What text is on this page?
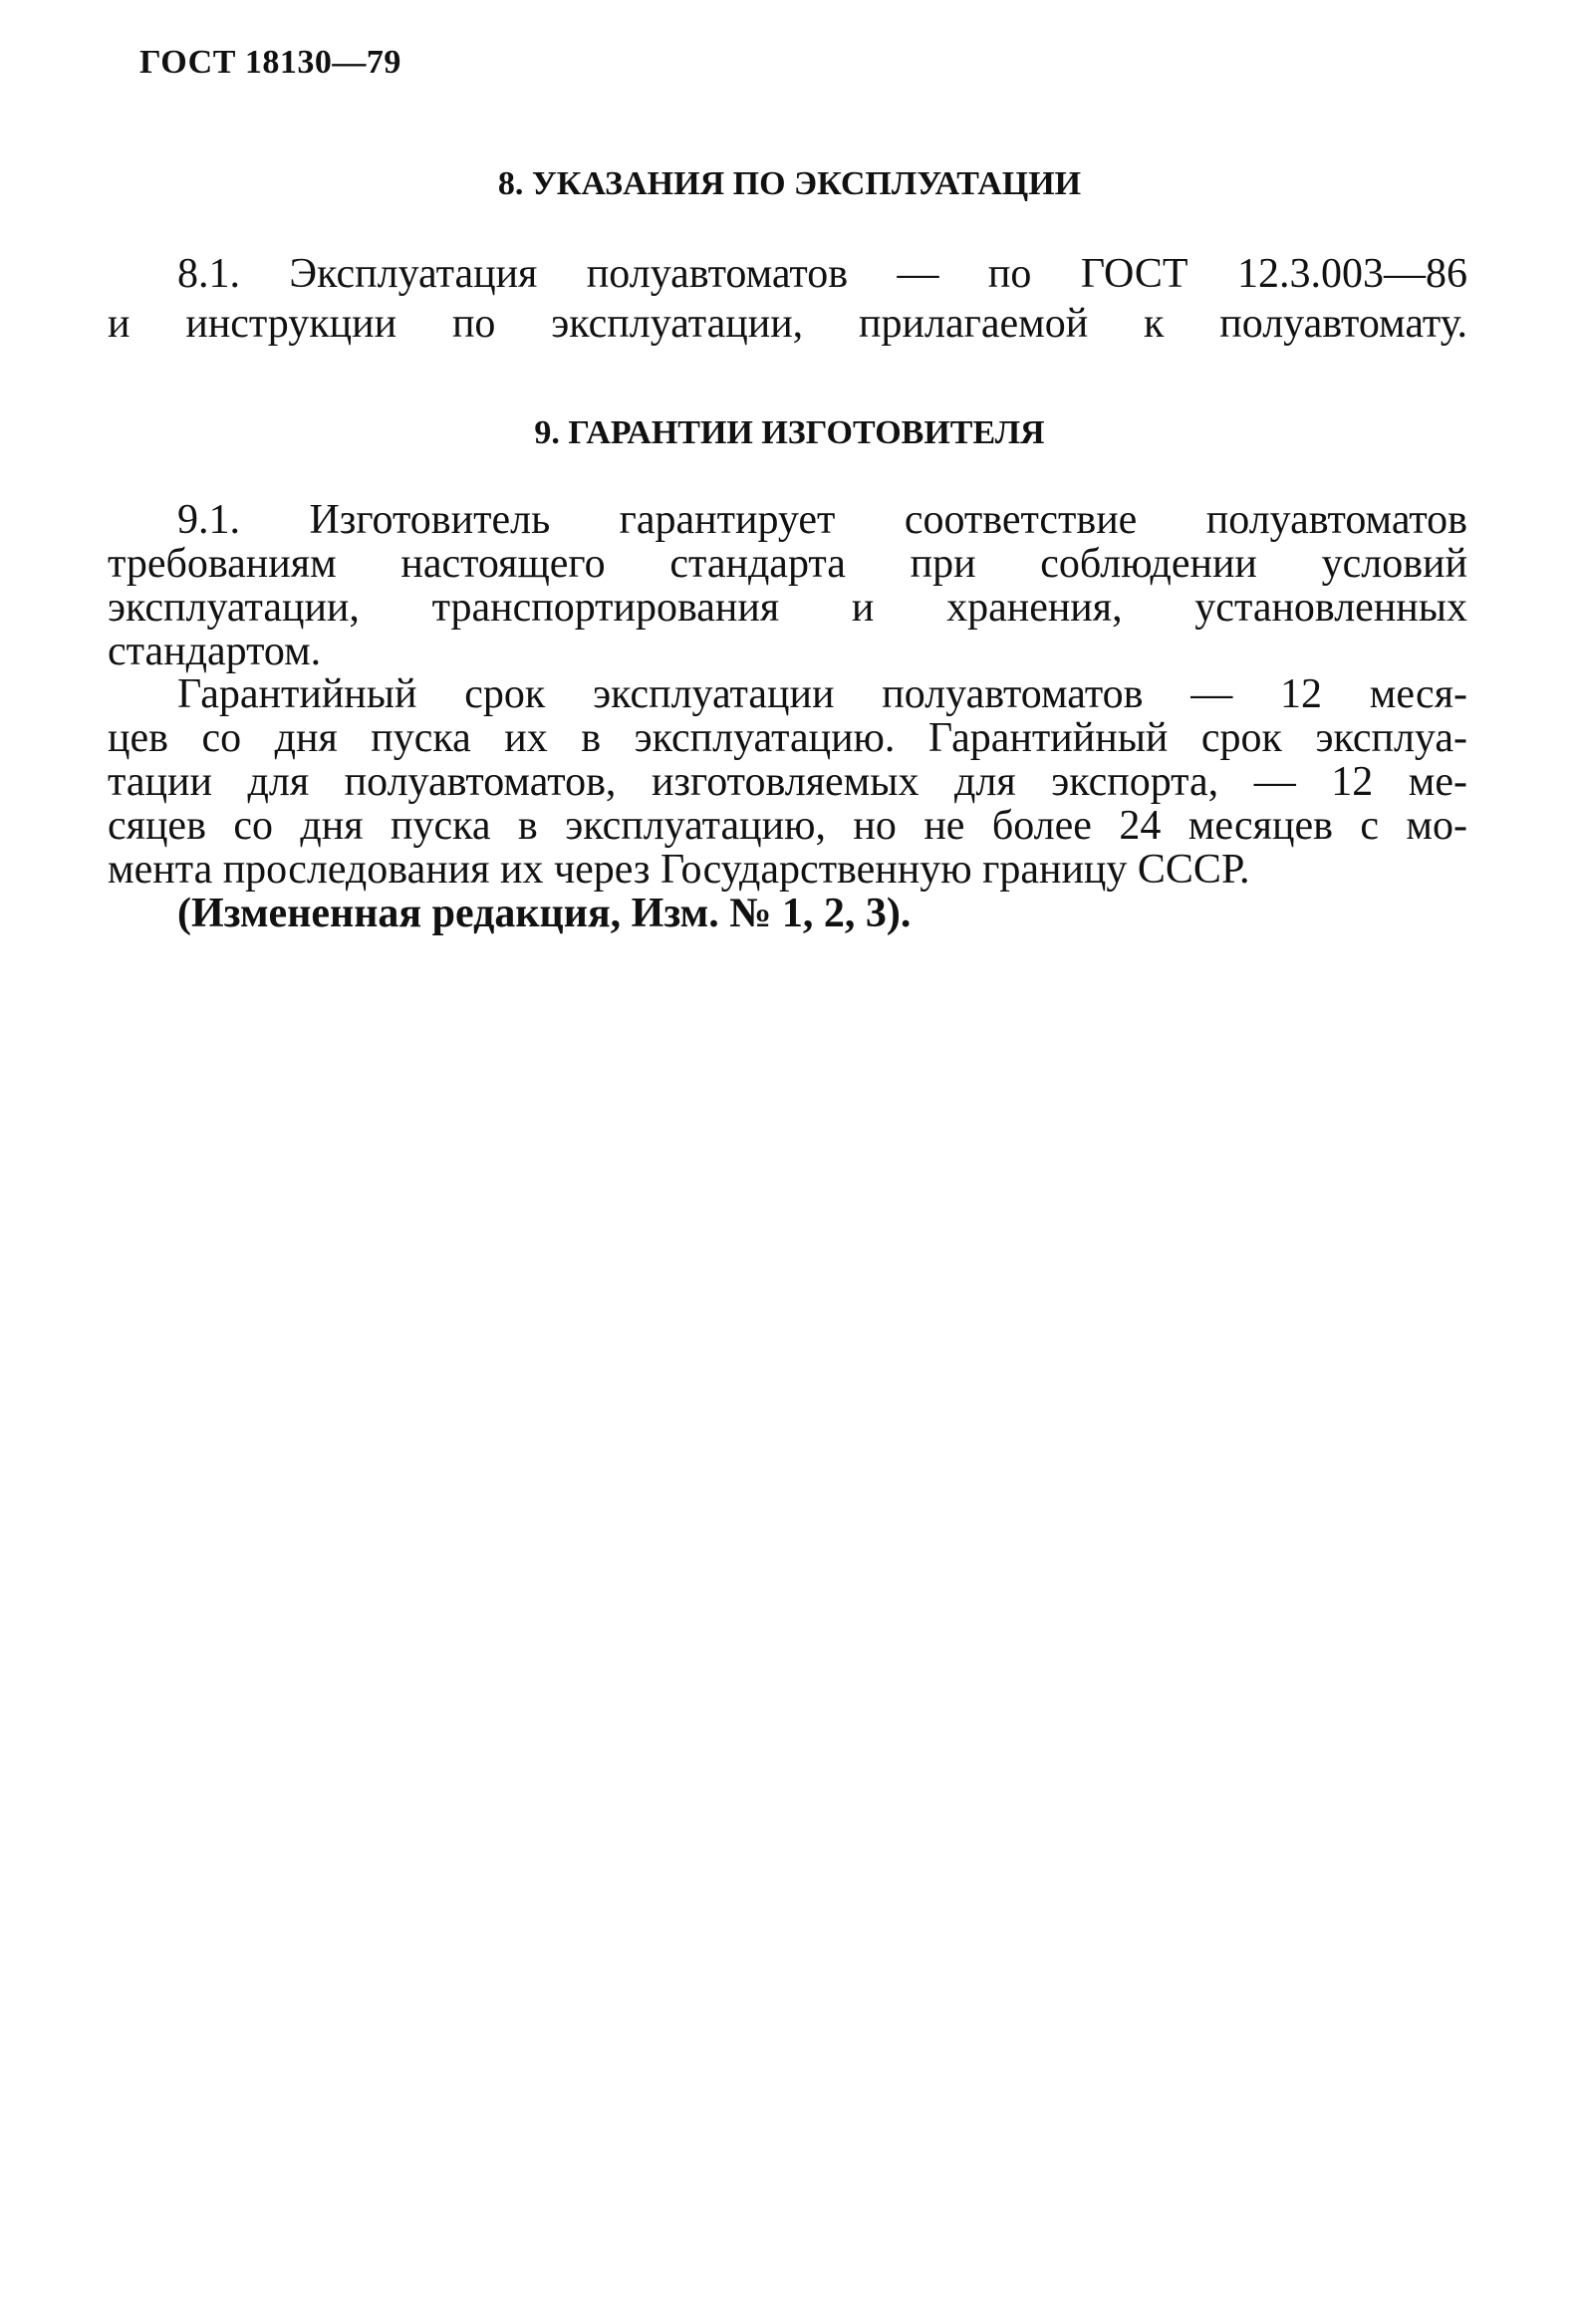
ГОСТ 18130—79
8. УКАЗАНИЯ ПО ЭКСПЛУАТАЦИИ
8.1. Эксплуатация полуавтоматов — по ГОСТ 12.3.003—86
и инструкции по эксплуатации, прилагаемой к полуавтомату.
9. ГАРАНТИИ ИЗГОТОВИТЕЛЯ
9.1. Изготовитель гарантирует соответствие полуавтоматов
требованиям настоящего стандарта при соблюдении условий
эксплуатации, транспортирования и хранения, установленных
стандартом.
Гарантийный срок эксплуатации полуавтоматов — 12 меся-
цев со дня пуска их в эксплуатацию. Гарантийный срок эксплуа-
тации для полуавтоматов, изготовляемых для экспорта, — 12 ме-
сяцев со дня пуска в эксплуатацию, но не более 24 месяцев с мо-
мента проследования их через Государственную границу СССР.
(Измененная редакция, Изм. № 1, 2, 3).
